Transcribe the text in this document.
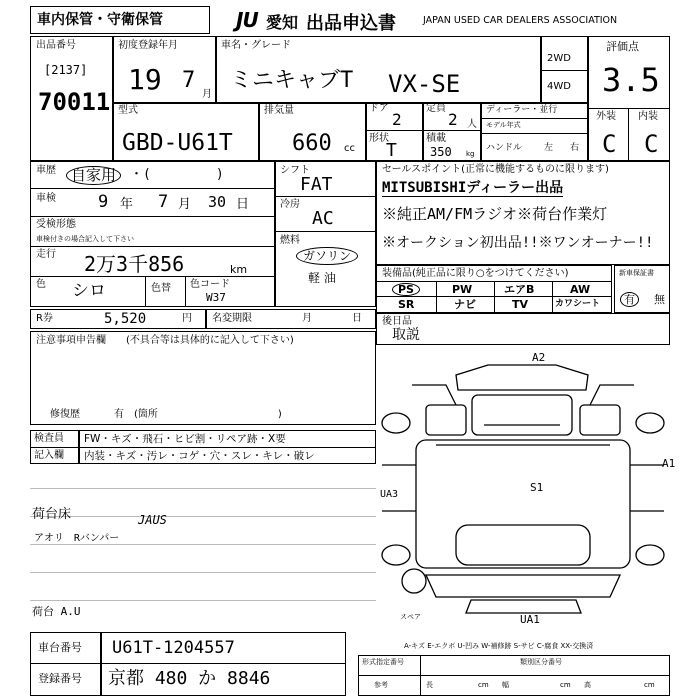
車内保管・守衛保管	JU 愛知 出品申込書	JAPAN USED CAR DEALERS ASSOCIATION
出品番号
[2137]
70011
初度登録年月
19 7
月
車名・グレード
ミニキャブT VX-SE
2WD
4WD
評価点
3.5
外装 内装
C C
型式
GBD-U61T
排気量
660 cc
ドア
2
定員
2 人
形状
T
積載
350 kg
ディーラー・並行
モデル年式
ハンドル 左 右
車歴	自家用	・(　　　　　)
車検 9 年 7 月 30 日
受検形態
車検付きの場合記入して下さい
走行 2万3千856	km
色 シロ	色替 色コード
W37
シフト
FAT
冷房
AC
燃料
ガソリン
軽 油
R券	5,520	円 名変期限	月	日
注意事項申告欄 (不具合等は具体的に記入して下さい)
修復歴	有 (箇所　　　　　　　　　　　　)
セールスポイント(正常に機能するものに限ります)
MITSUBISHIディーラー出品
※純正AM/FMラジオ※荷台作業灯
※オークション初出品!!※ワンオーナー!!
装備品(純正品に限り○をつけてください)
PS	PW	エアB	AW
SR	ナビ	TV	カワシート
新車保証書
有	無
後日品
取説
A2
S1
A1
UA3
UA1
スペア
A-キズ E-エクボ U-凹み W-補修跡 S-サビ C-腐食 XX-交換済
検査員
記入欄
FW・キズ・飛石・ヒビ割・リペア跡・X要
内装・キズ・汚レ・コゲ・穴・スレ・キレ・破レ
荷台床
アオリ　Rバンパー
JAUS
荷台 A.U
車台番号 U61T-1204557
登録番号 京都 480 か 8846
形式指定番号	類別区分番号
参考	長	cm 幅	cm 高	cm
